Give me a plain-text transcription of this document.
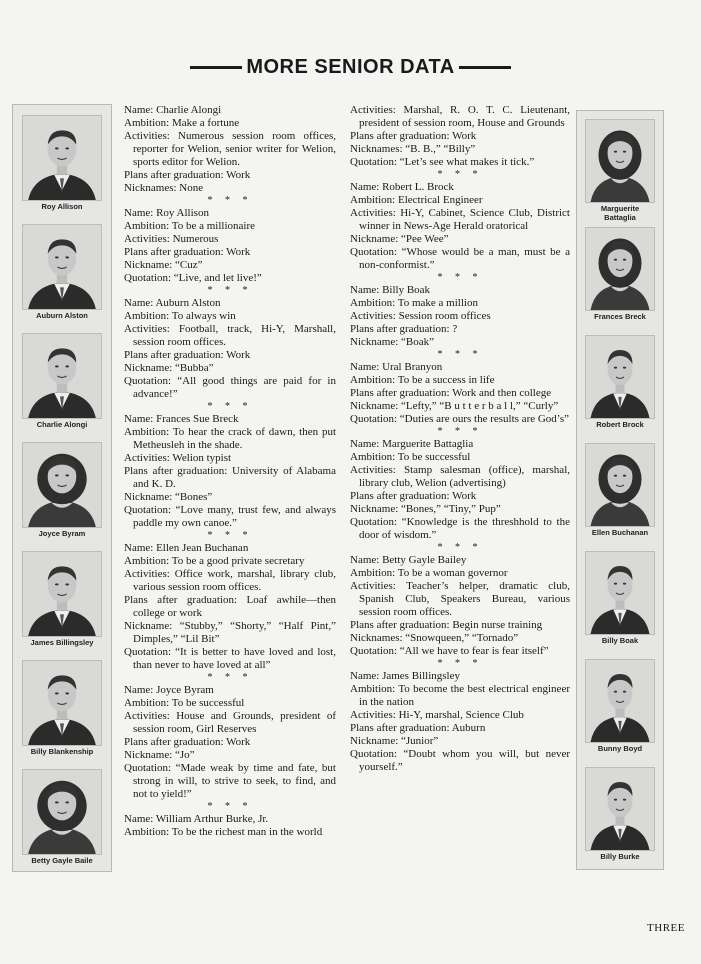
MORE SENIOR DATA
Roy Allison
Auburn Alston
Charlie Alongi
Joyce Byram
James Billingsley
Billy Blankenship
Betty Gayle Baile
Marguerite Battaglia
Frances Breck
Robert Brock
Ellen Buchanan
Billy Boak
Bunny Boyd
Billy Burke

Name: Charlie Alongi

Ambition: Make a fortune

Activities: Numerous session room offices, reporter for Welion, senior writer for Welion, sports editor for Welion.

Plans after graduation: Work

Nicknames: None

* * *

Name: Roy Allison

Ambition: To be a millionaire

Activities: Numerous

Plans after graduation: Work

Nickname: “Cuz”

Quotation: “Live, and let live!”

* * *

Name: Auburn Alston

Ambition: To always win

Activities: Football, track, Hi-Y, Marshall, session room offices.

Plans after graduation: Work

Nickname: “Bubba”

Quotation: “All good things are paid for in advance!”

* * *

Name: Frances Sue Breck

Ambition: To hear the crack of dawn, then put Metheusleh in the shade.

Activities: Welion typist

Plans after graduation: University of Alabama and K. D.

Nickname: “Bones”

Quotation: “Love many, trust few, and always paddle my own canoe.”

* * *

Name: Ellen Jean Buchanan

Ambition: To be a good private secretary

Activities: Office work, marshal, library club, various session room offices.

Plans after graduation: Loaf awhile—then college or work

Nickname: “Stubby,” “Shorty,” “Half Pint,” Dimples,” “Lil Bit”

Quotation: “It is better to have loved and lost, than never to have loved at all”

* * *

Name: Joyce Byram

Ambition: To be successful

Activities: House and Grounds, president of session room, Girl Reserves

Plans after graduation: Work

Nickname: “Jo”

Quotation: “Made weak by time and fate, but strong in will, to strive to seek, to find, and not to yield!”

* * *

Name: William Arthur Burke, Jr.

Ambition: To be the richest man in the world

Activities: Marshal, R. O. T. C. Lieutenant, president of session room, House and Grounds

Plans after graduation: Work

Nicknames: “B. B.,” “Billy”

Quotation: “Let’s see what makes it tick.”

* * *

Name: Robert L. Brock

Ambition: Electrical Engineer

Activities: Hi-Y, Cabinet, Science Club, District winner in News-Age Herald oratorical

Nickname: “Pee Wee”

Quotation: “Whose would be a man, must be a non-conformist.”

* * *

Name: Billy Boak

Ambition: To make a million

Activities: Session room offices

Plans after graduation: ?

Nickname: “Boak”

* * *

Name: Ural Branyon

Ambition: To be a success in life

Plans after graduation: Work and then college

Nickname: “Lefty,” “B u t t e r b a l l,” “Curly”

Quotation: “Duties are ours the results are God’s”

* * *

Name: Marguerite Battaglia

Ambition: To be successful

Activities: Stamp salesman (office), marshal, library club, Welion (advertising)

Plans after graduation: Work

Nickname: “Bones,” “Tiny,” Pup”

Quotation: “Knowledge is the threshhold to the door of wisdom.”

* * *

Name: Betty Gayle Bailey

Ambition: To be a woman governor

Activities: Teacher’s helper, dramatic club, Spanish Club, Speakers Bureau, various session room offices.

Plans after graduation: Begin nurse training

Nicknames: “Snowqueen,” “Tornado”

Quotation: “All we have to fear is fear itself”

* * *

Name: James Billingsley

Ambition: To become the best electrical engineer in the nation

Activities: Hi-Y, marshal, Science Club

Plans after graduation: Auburn

Nickname: “Junior”

Quotation: “Doubt whom you will, but never yourself.”

THREE
